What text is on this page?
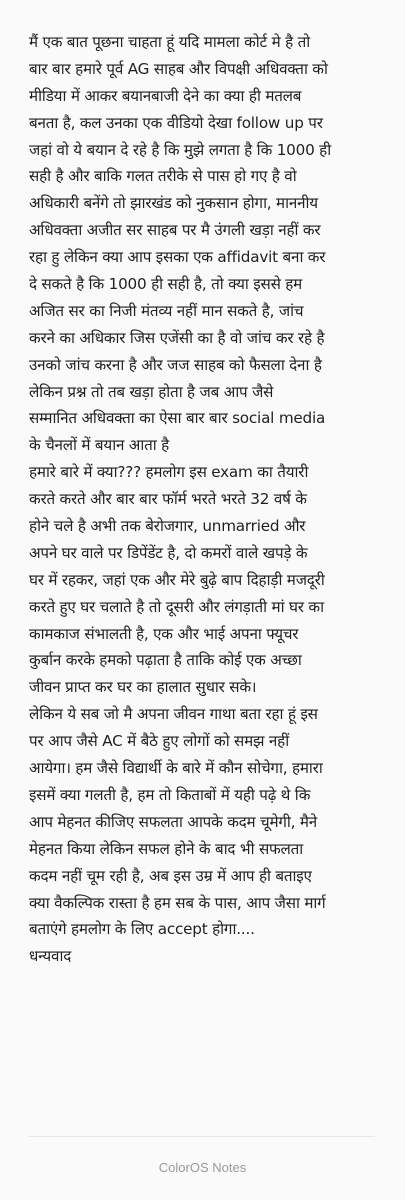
मैं एक बात पूछना चाहता हूं यदि मामला कोर्ट मे है तो
बार बार हमारे पूर्व AG साहब और विपक्षी अधिवक्ता को
मीडिया में आकर बयानबाजी देने का क्या ही मतलब
बनता है, कल उनका एक वीडियो देखा follow up पर
जहां वो ये बयान दे रहे है कि मुझे लगता है कि 1000 ही
सही है और बाकि गलत तरीके से पास हो गए है वो
अधिकारी बनेंगे तो झारखंड को नुकसान होगा, माननीय
अधिवक्ता अजीत सर साहब पर मै उंगली खड़ा नहीं कर
रहा हु लेकिन क्या आप इसका एक affidavit बना कर
दे सकते है कि 1000 ही सही है, तो क्या इससे हम
अजित सर का निजी मंतव्य नहीं मान सकते है, जांच
करने का अधिकार जिस एजेंसी का है वो जांच कर रहे है
उनको जांच करना है और जज साहब को फैसला देना है
लेकिन प्रश्न तो तब खड़ा होता है जब आप जैसे
सम्मानित अधिवक्ता का ऐसा बार बार social media
के चैनलों में बयान आता है
हमारे बारे में क्या??? हमलोग इस exam का तैयारी
करते करते और बार बार फॉर्म भरते भरते 32 वर्ष के
होने चले है अभी तक बेरोजगार, unmarried और
अपने घर वाले पर डिपेंडेंट है, दो कमरों वाले खपड़े के
घर में रहकर, जहां एक और मेरे बुढ़े बाप दिहाड़ी मजदूरी
करते हुए घर चलाते है तो दूसरी और लंगड़ाती मां घर का
कामकाज संभालती है, एक और भाई अपना फ्यूचर
कुर्बान करके हमको पढ़ाता है ताकि कोई एक अच्छा
जीवन प्राप्त कर घर का हालात सुधार सके।
लेकिन ये सब जो मै अपना जीवन गाथा बता रहा हूं इस
पर आप जैसे AC में बैठे हुए लोगों को समझ नहीं
आयेगा। हम जैसे विद्यार्थी के बारे में कौन सोचेगा, हमारा
इसमें क्या गलती है, हम तो किताबों में यही पढ़े थे कि
आप मेहनत कीजिए सफलता आपके कदम चूमेगी, मैने
मेहनत किया लेकिन सफल होने के बाद भी सफलता
कदम नहीं चूम रही है, अब इस उम्र में आप ही बताइए
क्या वैकल्पिक रास्ता है हम सब के पास, आप जैसा मार्ग
बताएंगे हमलोग के लिए accept होगा....
धन्यवाद
ColorOS Notes
